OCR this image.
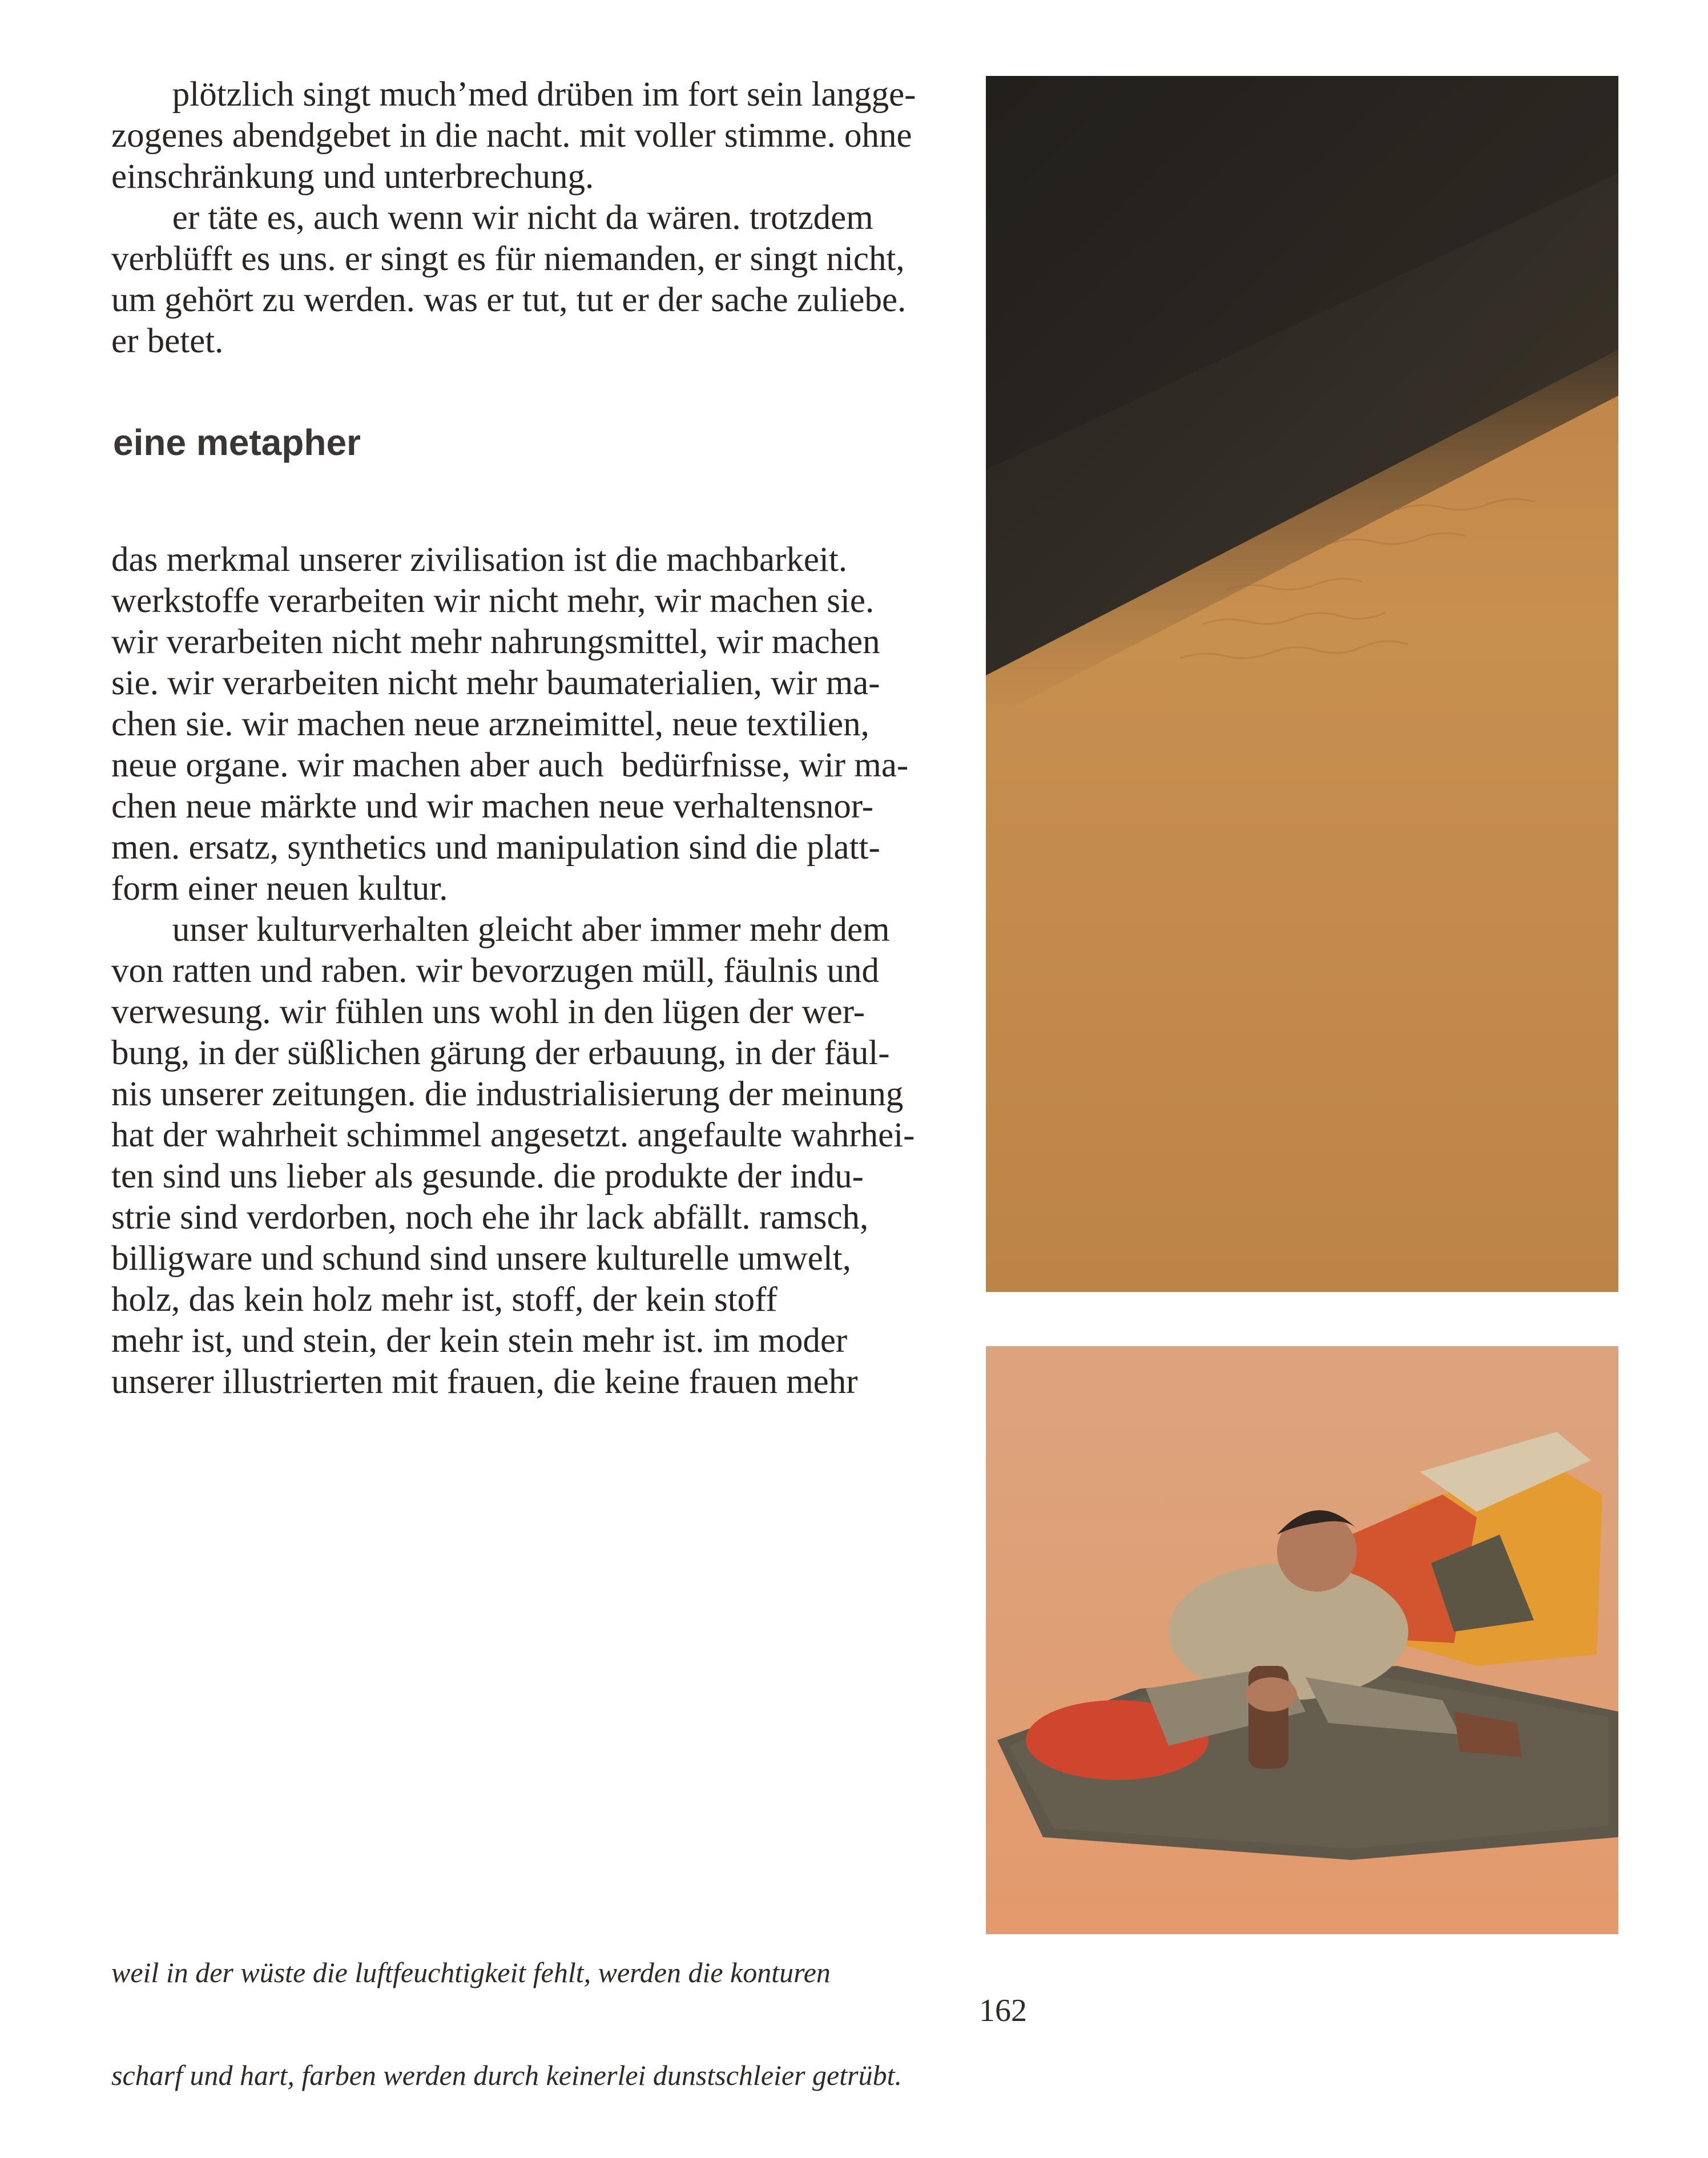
plötzlich singt much’med drüben im fort sein langge-

zogenes abendgebet in die nacht. mit voller stimme. ohne

einschränkung und unterbrechung.

er täte es, auch wenn wir nicht da wären. trotzdem

verblüfft es uns. er singt es für niemanden, er singt nicht,

um gehört zu werden. was er tut, tut er der sache zuliebe.

er betet.

eine metapher

das merkmal unserer zivilisation ist die machbarkeit.

werkstoffe verarbeiten wir nicht mehr, wir machen sie.

wir verarbeiten nicht mehr nahrungsmittel, wir machen

sie. wir verarbeiten nicht mehr baumaterialien, wir ma-

chen sie. wir machen neue arzneimittel, neue textilien,

neue organe. wir machen aber auch  bedürfnisse, wir ma-

chen neue märkte und wir machen neue verhaltensnor-

men. ersatz, synthetics und manipulation sind die platt-

form einer neuen kultur.

unser kulturverhalten gleicht aber immer mehr dem

von ratten und raben. wir bevorzugen müll, fäulnis und

verwesung. wir fühlen uns wohl in den lügen der wer-

bung, in der süßlichen gärung der erbauung, in der fäul-

nis unserer zeitungen. die industrialisierung der meinung

hat der wahrheit schimmel angesetzt. angefaulte wahrhei-

ten sind uns lieber als gesunde. die produkte der indu-

strie sind verdorben, noch ehe ihr lack abfällt. ramsch,

billigware und schund sind unsere kulturelle umwelt,

holz, das kein holz mehr ist, stoff, der kein stoff

mehr ist, und stein, der kein stein mehr ist. im moder

unserer illustrierten mit frauen, die keine frauen mehr

weil in der wüste die luftfeuchtigkeit fehlt, werden die konturen

scharf und hart, farben werden durch keinerlei dunstschleier getrübt.

162
